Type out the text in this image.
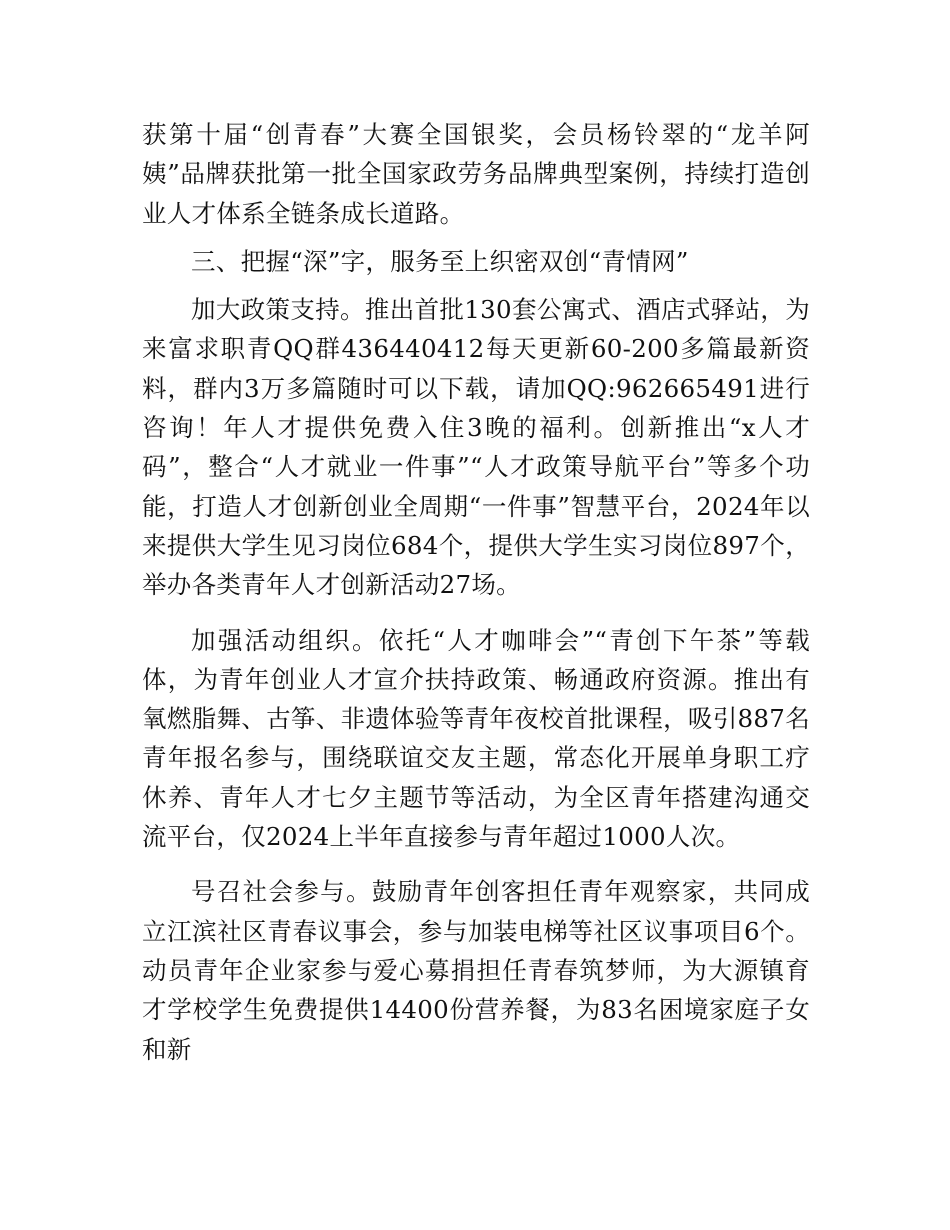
获第十届“创青春”大赛全国银奖，会员杨铃翠的“龙羊阿姨”品牌获批第一批全国家政劳务品牌典型案例，持续打造创业人才体系全链条成长道路。

三、把握“深”字，服务至上织密双创“青情网”

加大政策支持。推出首批130套公寓式、酒店式驿站，为来富求职青QQ群436440412每天更新60-200多篇最新资料，群内3万多篇随时可以下载，请加QQ:962665491进行咨询！年人才提供免费入住3晚的福利。创新推出“x人才码”，整合“人才就业一件事”“人才政策导航平台”等多个功能，打造人才创新创业全周期“一件事”智慧平台，2024年以来提供大学生见习岗位684个，提供大学生实习岗位897个，举办各类青年人才创新活动27场。

加强活动组织。依托“人才咖啡会”“青创下午茶”等载体，为青年创业人才宣介扶持政策、畅通政府资源。推出有氧燃脂舞、古筝、非遗体验等青年夜校首批课程，吸引887名青年报名参与，围绕联谊交友主题，常态化开展单身职工疗休养、青年人才七夕主题节等活动，为全区青年搭建沟通交流平台，仅2024上半年直接参与青年超过1000人次。

号召社会参与。鼓励青年创客担任青年观察家，共同成立江滨社区青春议事会，参与加装电梯等社区议事项目6个。动员青年企业家参与爱心募捐担任青春筑梦师，为大源镇育才学校学生免费提供14400份营养餐，为83名困境家庭子女和新
